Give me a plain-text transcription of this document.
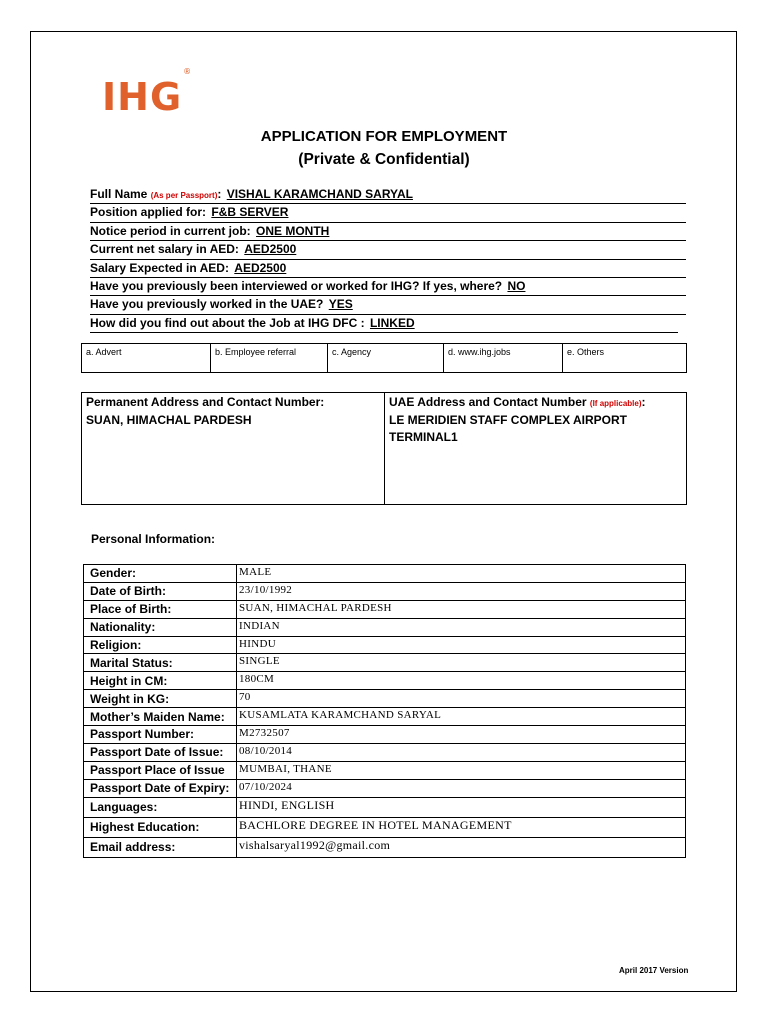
IHG®
APPLICATION FOR EMPLOYMENT
(Private & Confidential)
Full Name (As per Passport): VISHAL KARAMCHAND SARYAL
Position applied for: F&B SERVER
Notice period in current job: ONE MONTH
Current net salary in AED: AED2500
Salary Expected in AED: AED2500
Have you previously been interviewed or worked for IHG? If yes, where? NO
Have you previously worked in the UAE? YES
How did you find out about the Job at IHG DFC : LINKED
a. Advert	b. Employee referral	c. Agency	d. www.ihg.jobs	e. Others
Permanent Address and Contact Number:
SUAN, HIMACHAL PARDESH
	UAE Address and Contact Number (If applicable):
LE MERIDIEN STAFF COMPLEX AIRPORT
TERMINAL1
Personal Information:
Gender:	MALE
Date of Birth:	23/10/1992
Place of Birth:	SUAN, HIMACHAL PARDESH
Nationality:	INDIAN
Religion:	HINDU
Marital Status:	SINGLE
Height in CM:	180CM
Weight in KG:	70
Mother’s Maiden Name:	KUSAMLATA KARAMCHAND SARYAL
Passport Number:	M2732507
Passport Date of Issue:	08/10/2014
Passport Place of Issue	MUMBAI, THANE
Passport Date of Expiry:	07/10/2024
Languages:	HINDI, ENGLISH
Highest Education:	BACHLORE DEGREE IN HOTEL MANAGEMENT
Email address:	vishalsaryal1992@gmail.com
April 2017 Version
